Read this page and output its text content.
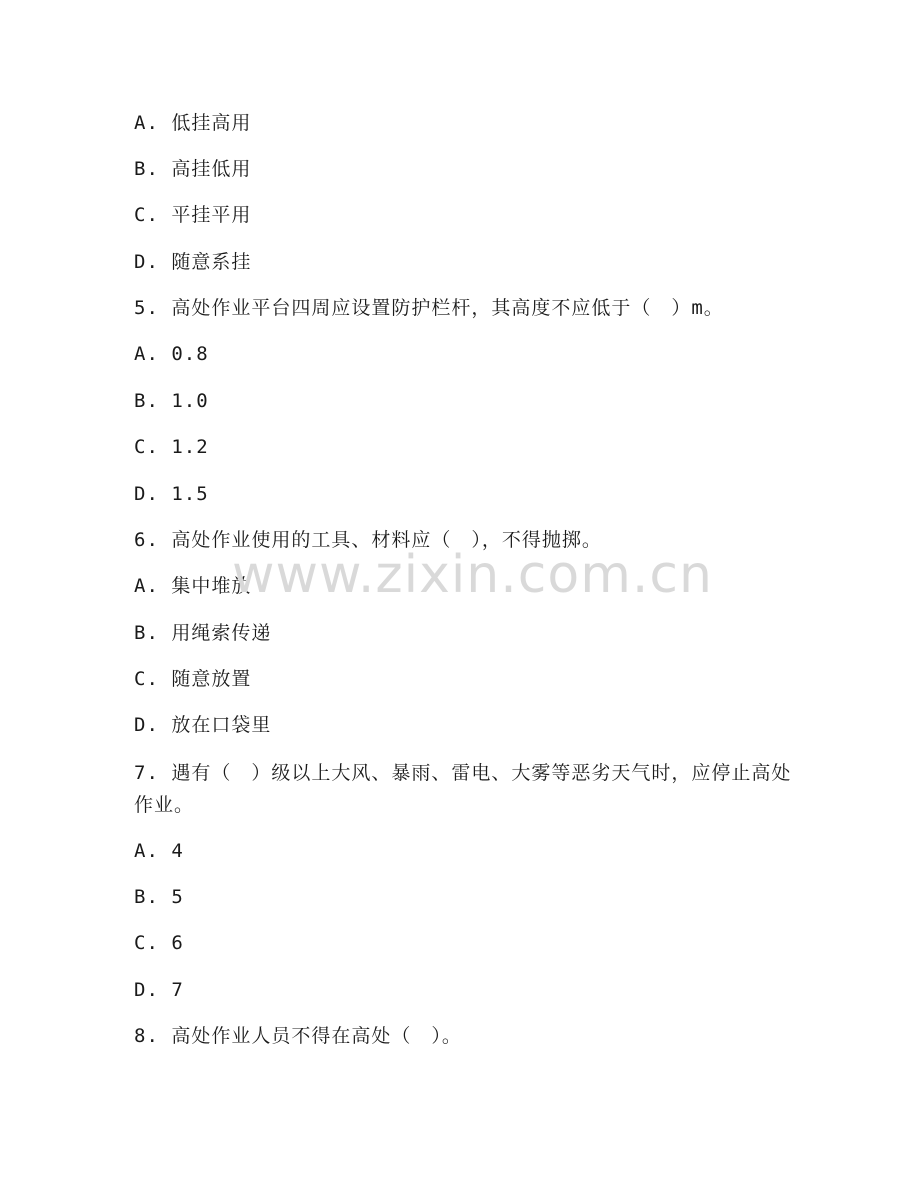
A. 低挂高用
B. 高挂低用
C. 平挂平用
D. 随意系挂
5. 高处作业平台四周应设置防护栏杆，其高度不应低于（　）m。
A. 0.8
B. 1.0
C. 1.2
D. 1.5
6. 高处作业使用的工具、材料应（　），不得抛掷。
A. 集中堆放
B. 用绳索传递
C. 随意放置
D. 放在口袋里
7. 遇有（　）级以上大风、暴雨、雷电、大雾等恶劣天气时，应停止高处作业。
A. 4
B. 5
C. 6
D. 7
8. 高处作业人员不得在高处（　）。
www.zixin.com.cn
